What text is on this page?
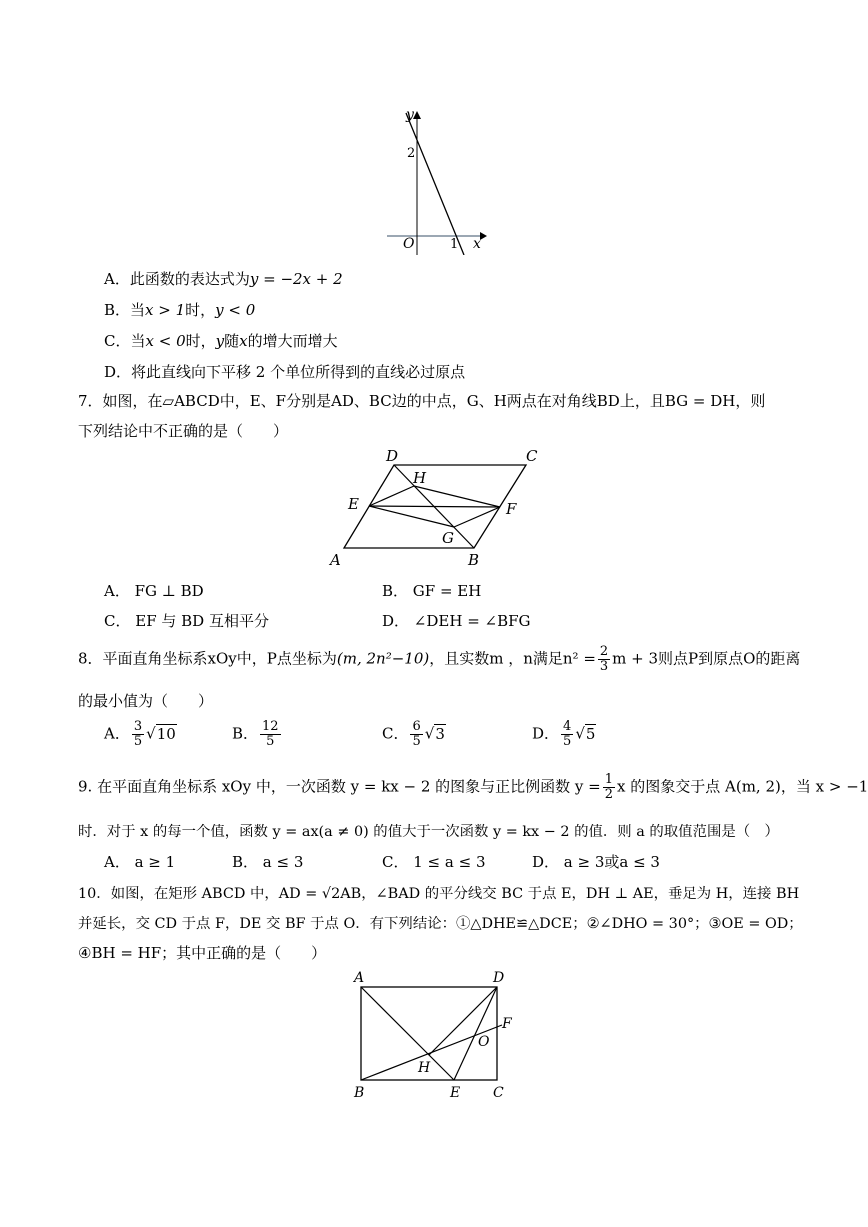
y
x
O
2
1
A．此函数的表达式为y = −2x + 2
B．当x > 1时，y < 0
C．当x < 0时，y随x的增大而增大
D．将此直线向下平移 2 个单位所得到的直线必过原点
7．如图，在▱ABCD中，E、F分别是AD、BC边的中点，G、H两点在对角线BD上，且BG = DH，则
下列结论中不正确的是（　　）
D	C
H
E	F
G
A	B
A． FG ⊥ BD	B． GF = EH
C． EF 与 BD 互相平分	D． ∠DEH = ∠BFG
8．平面直角坐标系xOy中，P点坐标为(m, 2n²−10)，且实数m ，n满足$n^2 = \frac{2}{3}$ m + 3则点P到原点O的距离
的最小值为（　　）
A． $\frac{3}{5} √10$	B． $\frac{12}{5}$	C． $\frac{6}{5} √3$	D． $\frac{4}{5} √5$
9. 在平面直角坐标系 xOy 中，一次函数 y = kx − 2 的图象与正比例函数 $y = \frac{1}{2}$ x 的图象交于点 A(m, 2)，当 x > −1
时．对于 x 的每一个值，函数 y = ax(a ≠ 0) 的值大于一次函数 y = kx − 2 的值．则 a 的取值范围是（　）
A． a ≥ 1	B． a ≤ 3	C． 1 ≤ a ≤ 3	D． a ≥ 3或a ≤ 3
10．如图，在矩形 ABCD 中，AD = √2AB，∠BAD 的平分线交 BC 于点 E，DH ⊥ AE，垂足为 H，连接 BH
并延长，交 CD 于点 F，DE 交 BF 于点 O．有下列结论：①△DHE≌△DCE；②∠DHO = 30°；③OE = OD；
④BH = HF；其中正确的是（　　）
A	D
F
O
H
B	E C
